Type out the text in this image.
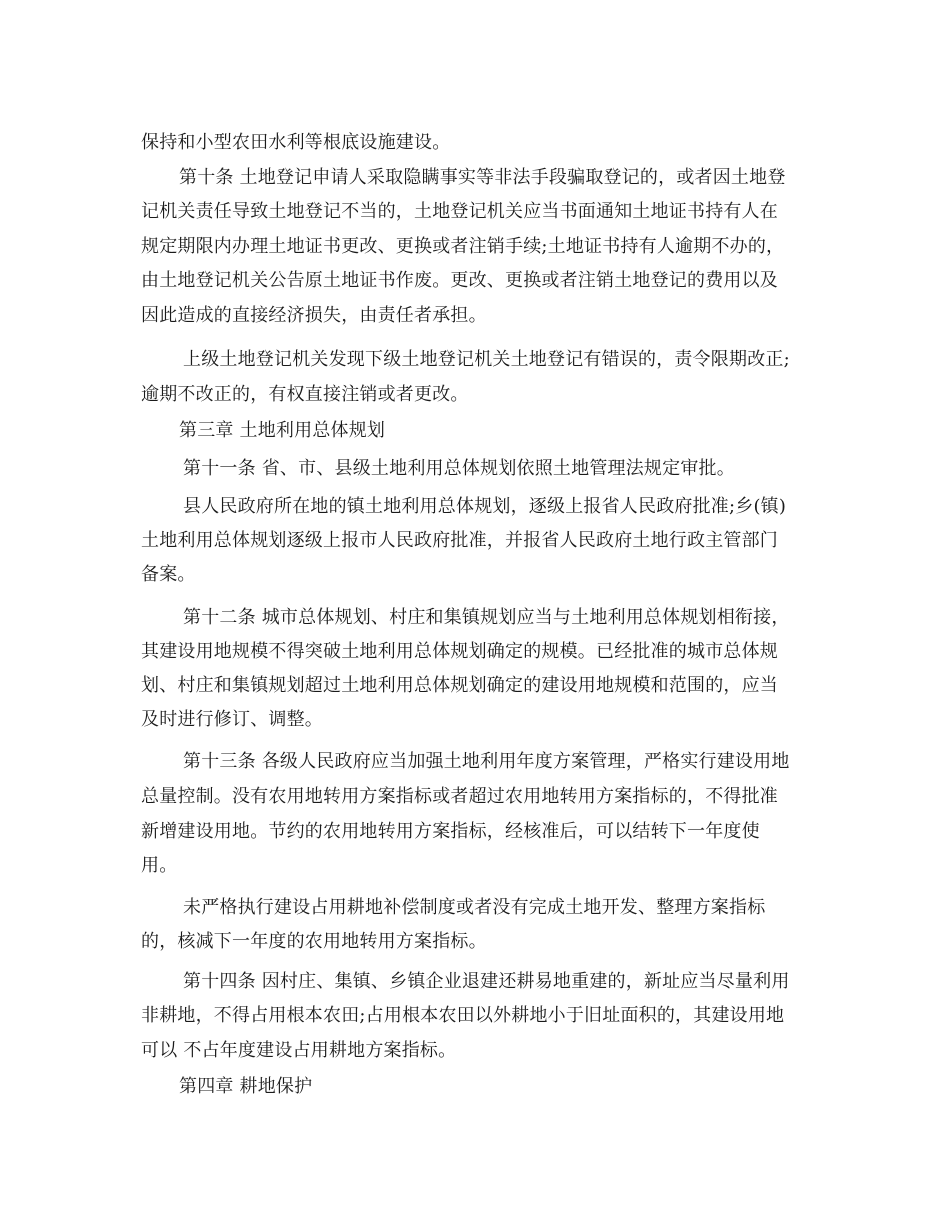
保持和小型农田水利等根底设施建设。
第十条 土地登记申请人采取隐瞒事实等非法手段骗取登记的，或者因土地登
记机关责任导致土地登记不当的，土地登记机关应当书面通知土地证书持有人在
规定期限内办理土地证书更改、更换或者注销手续;土地证书持有人逾期不办的，
由土地登记机关公告原土地证书作废。更改、更换或者注销土地登记的费用以及
因此造成的直接经济损失，由责任者承担。
上级土地登记机关发现下级土地登记机关土地登记有错误的，责令限期改正;
逾期不改正的，有权直接注销或者更改。
第三章 土地利用总体规划
第十一条 省、市、县级土地利用总体规划依照土地管理法规定审批。
县人民政府所在地的镇土地利用总体规划，逐级上报省人民政府批准;乡(镇)
土地利用总体规划逐级上报市人民政府批准，并报省人民政府土地行政主管部门
备案。
第十二条 城市总体规划、村庄和集镇规划应当与土地利用总体规划相衔接，
其建设用地规模不得突破土地利用总体规划确定的规模。已经批准的城市总体规
划、村庄和集镇规划超过土地利用总体规划确定的建设用地规模和范围的，应当
及时进行修订、调整。
第十三条 各级人民政府应当加强土地利用年度方案管理，严格实行建设用地
总量控制。没有农用地转用方案指标或者超过农用地转用方案指标的，不得批准
新增建设用地。节约的农用地转用方案指标，经核准后，可以结转下一年度使
用。
未严格执行建设占用耕地补偿制度或者没有完成土地开发、整理方案指标
的，核减下一年度的农用地转用方案指标。
第十四条 因村庄、集镇、乡镇企业退建还耕易地重建的，新址应当尽量利用
非耕地，不得占用根本农田;占用根本农田以外耕地小于旧址面积的，其建设用地
可以 不占年度建设占用耕地方案指标。
第四章 耕地保护
